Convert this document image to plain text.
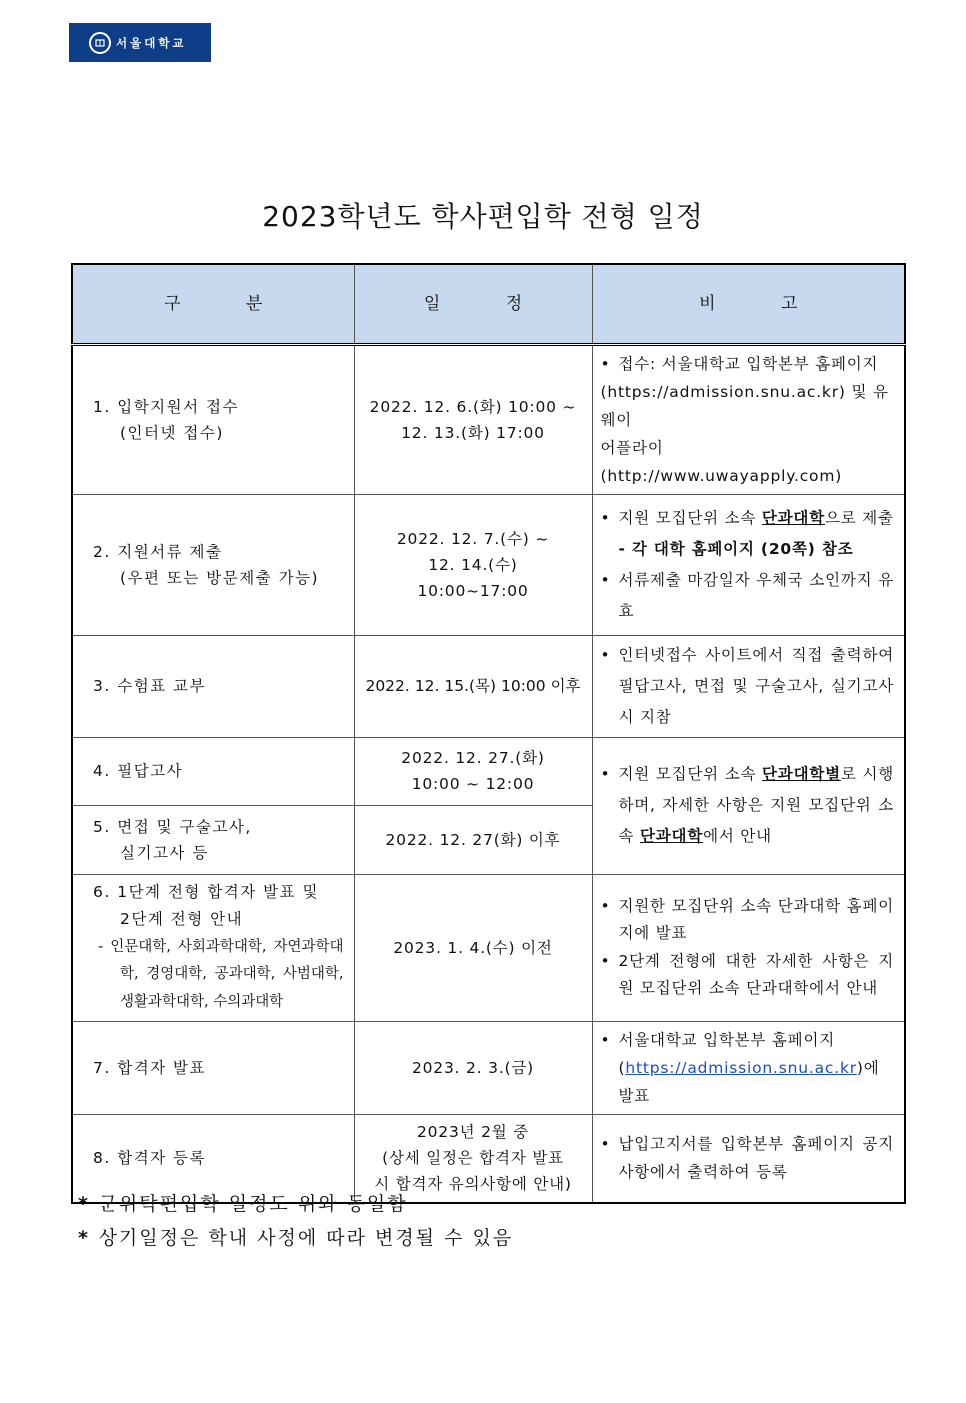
서울대학교
2023학년도 학사편입학 전형 일정
구 분	일 정	비 고

1. 입학지원서 접수
(인터넷 접수)	2022. 12. 6.(화) 10:00 ~
12. 13.(화) 17:00	• 접수: 서울대학교 입학본부 홈페이지
(https://admission.snu.ac.kr) 및 유웨이
어플라이 (http://www.uwayapply.com)

2. 지원서류 제출
(우편 또는 방문제출 가능)	2022. 12. 7.(수) ~
12. 14.(수)
10:00~17:00	• 지원 모집단위 소속 단과대학으로 제출
- 각 대학 홈페이지 (20쪽) 참조
• 서류제출 마감일자 우체국 소인까지 유효

3. 수험표 교부	2022. 12. 15.(목) 10:00 이후	• 인터넷접수 사이트에서 직접 출력하여 필답고사, 면접 및 구술고사, 실기고사 시 지참

4. 필답고사	2022. 12. 27.(화)
10:00 ~ 12:00	• 지원 모집단위 소속 단과대학별로 시행하며, 자세한 사항은 지원 모집단위 소속 단과대학에서 안내

5. 면접 및 구술고사,
실기고사 등	2022. 12. 27(화) 이후	

6. 1단계 전형 합격자 발표 및
2단계 전형 안내
- 인문대학, 사회과학대학, 자연과학대학, 경영대학, 공과대학, 사범대학, 생활과학대학, 수의과대학	2023. 1. 4.(수) 이전	• 지원한 모집단위 소속 단과대학 홈페이지에 발표
• 2단계 전형에 대한 자세한 사항은 지원 모집단위 소속 단과대학에서 안내

7. 합격자 발표	2023. 2. 3.(금)	• 서울대학교 입학본부 홈페이지
(https://admission.snu.ac.kr)에 발표

8. 합격자 등록	2023년 2월 중
(상세 일정은 합격자 발표
시 합격자 유의사항에 안내)	• 납입고지서를 입학본부 홈페이지 공지사항에서 출력하여 등록
* 군위탁편입학 일정도 위와 동일함
* 상기일정은 학내 사정에 따라 변경될 수 있음
